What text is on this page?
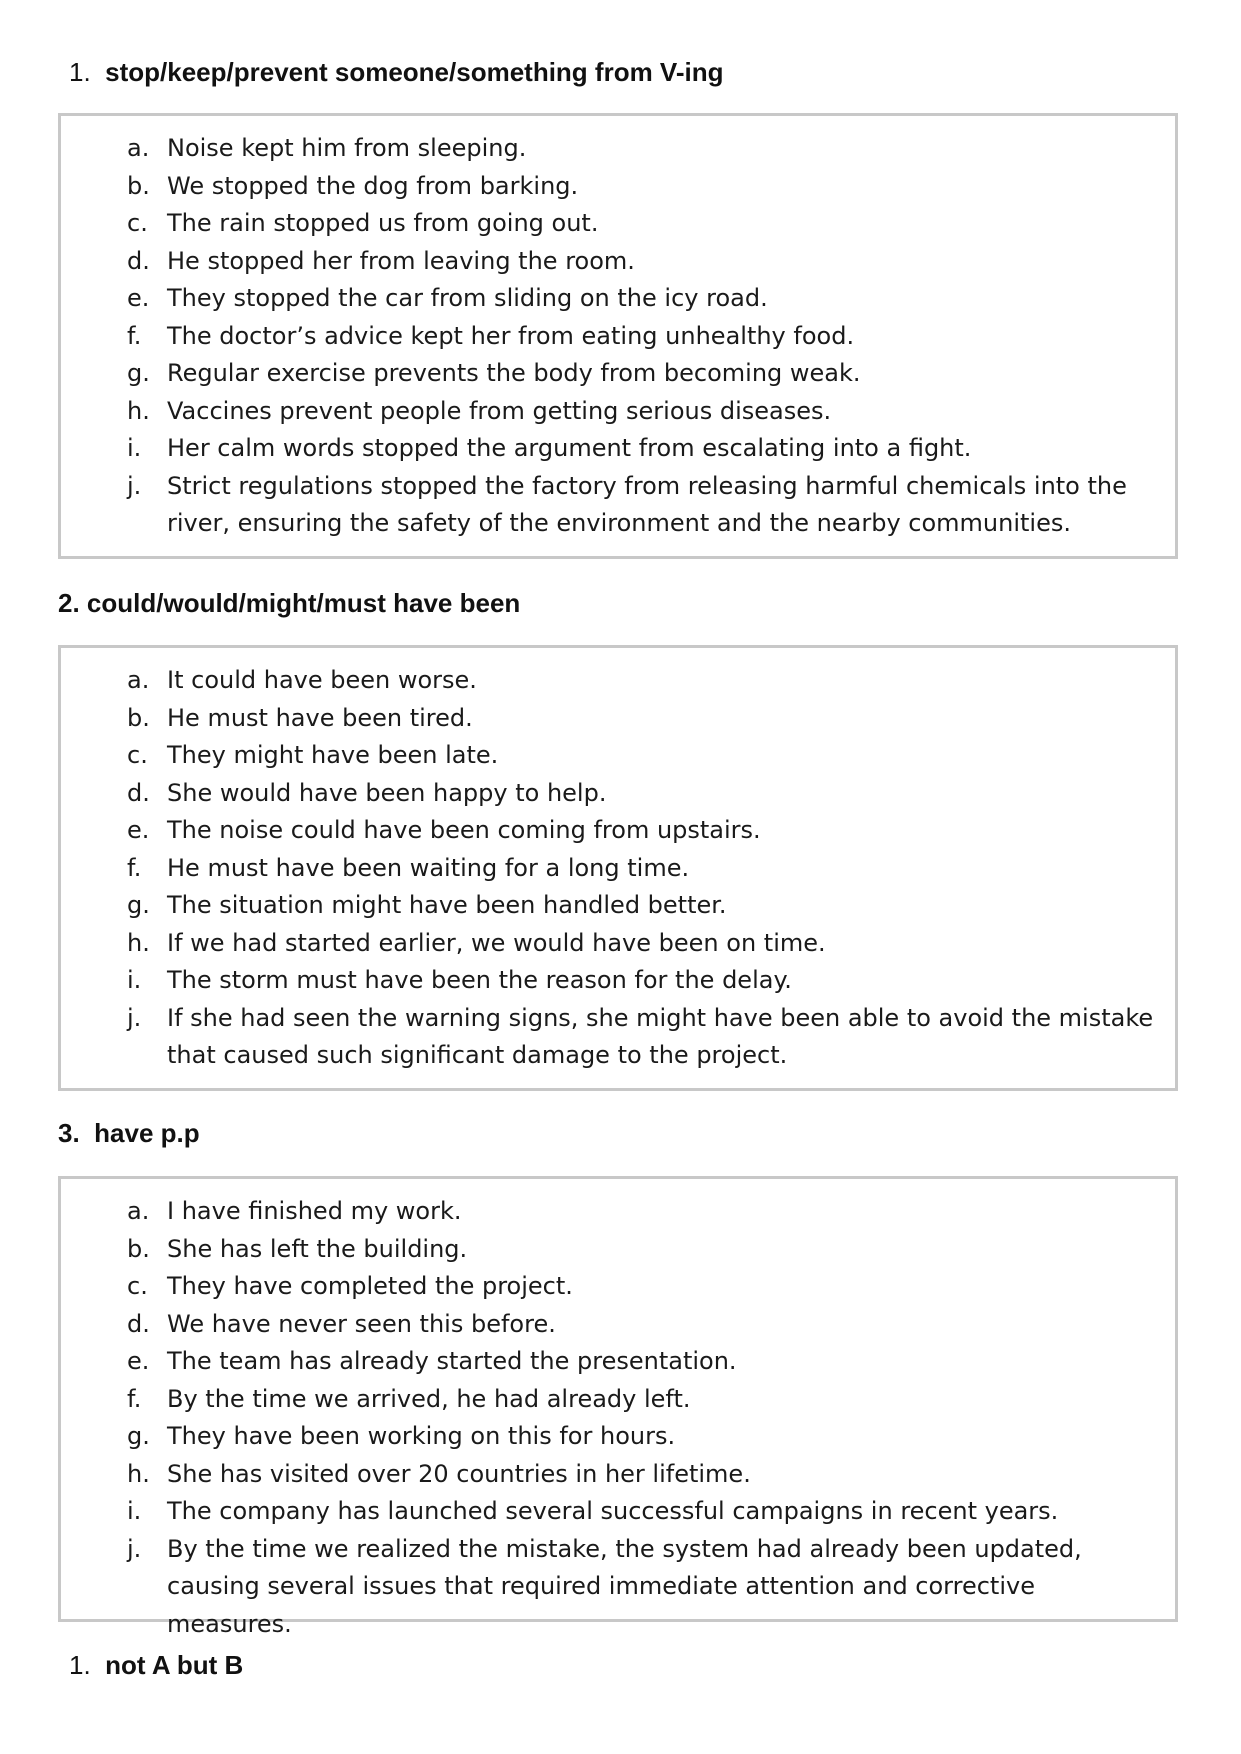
1. stop/keep/prevent someone/something from V-ing
a. Noise kept him from sleeping.
b. We stopped the dog from barking.
c. The rain stopped us from going out.
d. He stopped her from leaving the room.
e. They stopped the car from sliding on the icy road.
f. The doctor’s advice kept her from eating unhealthy food.
g. Regular exercise prevents the body from becoming weak.
h. Vaccines prevent people from getting serious diseases.
i. Her calm words stopped the argument from escalating into a fight.
j. Strict regulations stopped the factory from releasing harmful chemicals into the river, ensuring the safety of the environment and the nearby communities.
2. could/would/might/must have been
a. It could have been worse.
b. He must have been tired.
c. They might have been late.
d. She would have been happy to help.
e. The noise could have been coming from upstairs.
f. He must have been waiting for a long time.
g. The situation might have been handled better.
h. If we had started earlier, we would have been on time.
i. The storm must have been the reason for the delay.
j. If she had seen the warning signs, she might have been able to avoid the mistake that caused such significant damage to the project.
3. have p.p
a. I have finished my work.
b. She has left the building.
c. They have completed the project.
d. We have never seen this before.
e. The team has already started the presentation.
f. By the time we arrived, he had already left.
g. They have been working on this for hours.
h. She has visited over 20 countries in her lifetime.
i. The company has launched several successful campaigns in recent years.
j. By the time we realized the mistake, the system had already been updated, causing several issues that required immediate attention and corrective measures.
1. not A but B
